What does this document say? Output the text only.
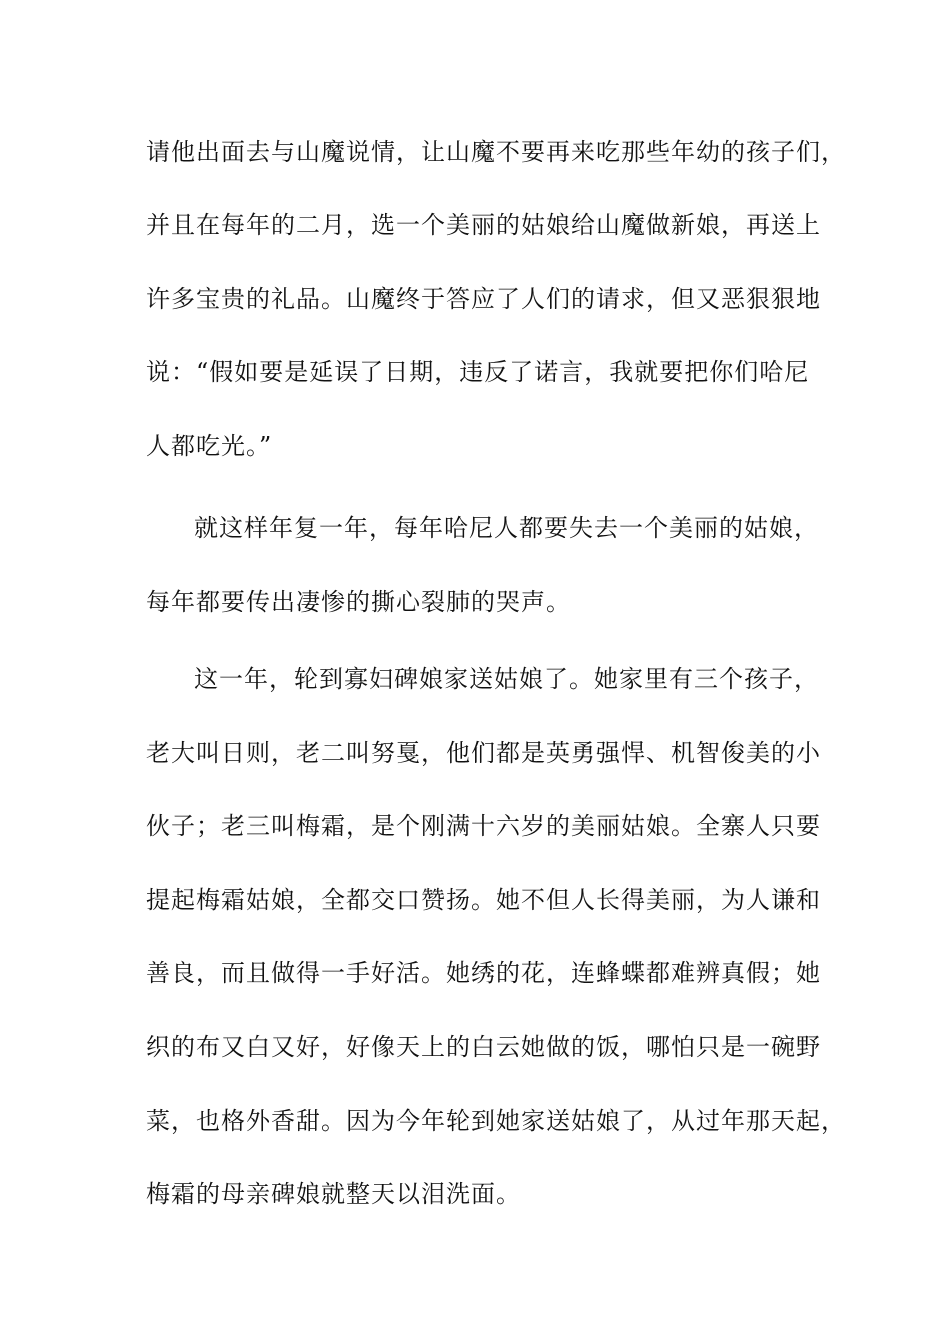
请他出面去与山魔说情，让山魔不要再来吃那些年幼的孩子们，
并且在每年的二月，选一个美丽的姑娘给山魔做新娘，再送上
许多宝贵的礼品。山魔终于答应了人们的请求，但又恶狠狠地
说：“假如要是延误了日期，违反了诺言，我就要把你们哈尼
人都吃光。”
就这样年复一年，每年哈尼人都要失去一个美丽的姑娘，
每年都要传出凄惨的撕心裂肺的哭声。
这一年，轮到寡妇碑娘家送姑娘了。她家里有三个孩子，
老大叫日则，老二叫努戛，他们都是英勇强悍、机智俊美的小
伙子；老三叫梅霜，是个刚满十六岁的美丽姑娘。全寨人只要
提起梅霜姑娘，全都交口赞扬。她不但人长得美丽，为人谦和
善良，而且做得一手好活。她绣的花，连蜂蝶都难辨真假；她
织的布又白又好，好像天上的白云她做的饭，哪怕只是一碗野
菜，也格外香甜。因为今年轮到她家送姑娘了，从过年那天起，
梅霜的母亲碑娘就整天以泪洗面。
